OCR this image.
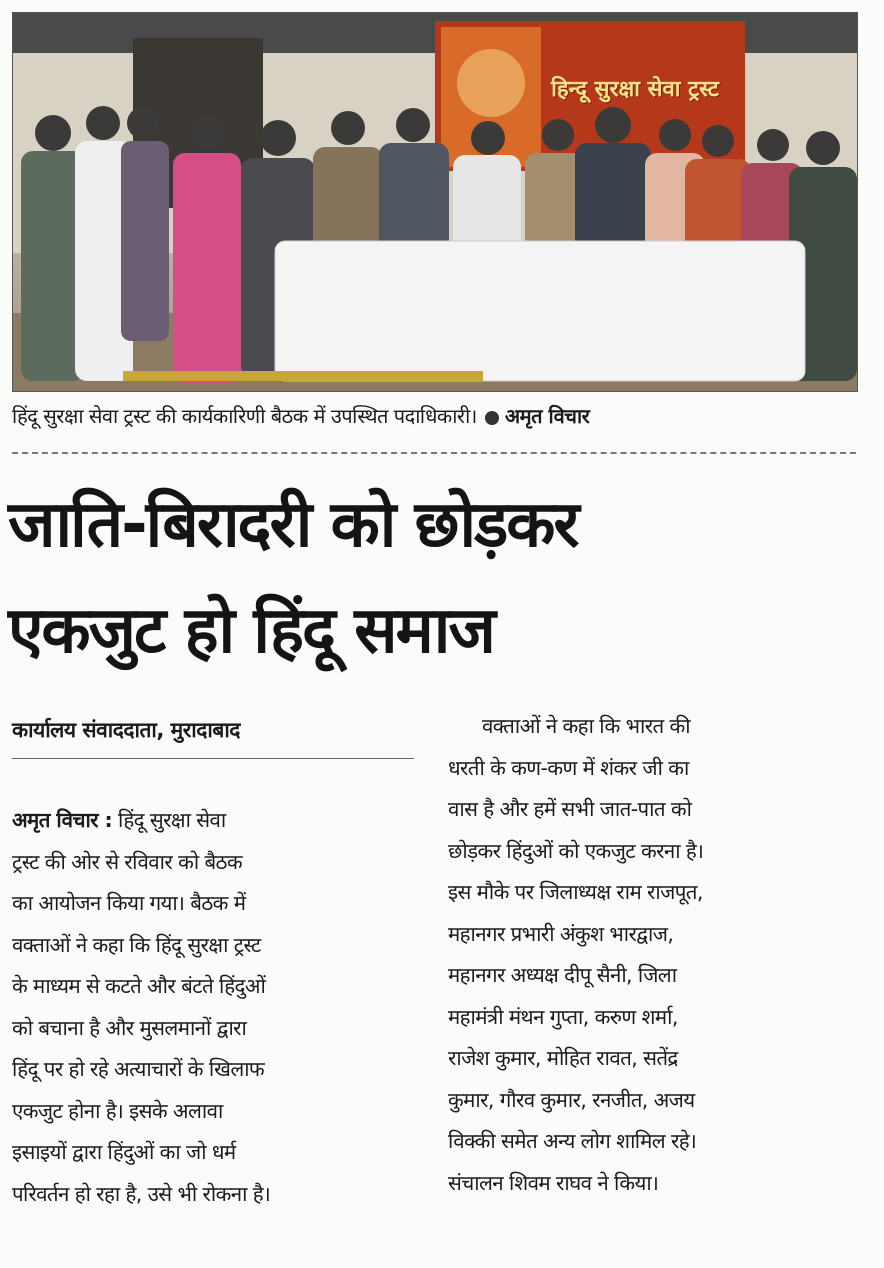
हिन्दू सुरक्षा सेवा ट्रस्ट
हिंदू सुरक्षा सेवा ट्रस्ट की कार्यकारिणी बैठक में उपस्थित पदाधिकारी। अमृत विचार
जाति-बिरादरी को छोड़कर
एकजुट हो हिंदू समाज
कार्यालय संवाददाता, मुरादाबाद
अमृत विचार : हिंदू सुरक्षा सेवा
ट्रस्ट की ओर से रविवार को बैठक
का आयोजन किया गया। बैठक में
वक्ताओं ने कहा कि हिंदू सुरक्षा ट्रस्ट
के माध्यम से कटते और बंटते हिंदुओं
को बचाना है और मुसलमानों द्वारा
हिंदू पर हो रहे अत्याचारों के खिलाफ
एकजुट होना है। इसके अलावा
इसाइयों द्वारा हिंदुओं का जो धर्म
परिवर्तन हो रहा है, उसे भी रोकना है।
वक्ताओं ने कहा कि भारत की
धरती के कण-कण में शंकर जी का
वास है और हमें सभी जात-पात को
छोड़कर हिंदुओं को एकजुट करना है।
इस मौके पर जिलाध्यक्ष राम राजपूत,
महानगर प्रभारी अंकुश भारद्वाज,
महानगर अध्यक्ष दीपू सैनी, जिला
महामंत्री मंथन गुप्ता, करुण शर्मा,
राजेश कुमार, मोहित रावत, सतेंद्र
कुमार, गौरव कुमार, रनजीत, अजय
विक्की समेत अन्य लोग शामिल रहे।
संचालन शिवम राघव ने किया।
